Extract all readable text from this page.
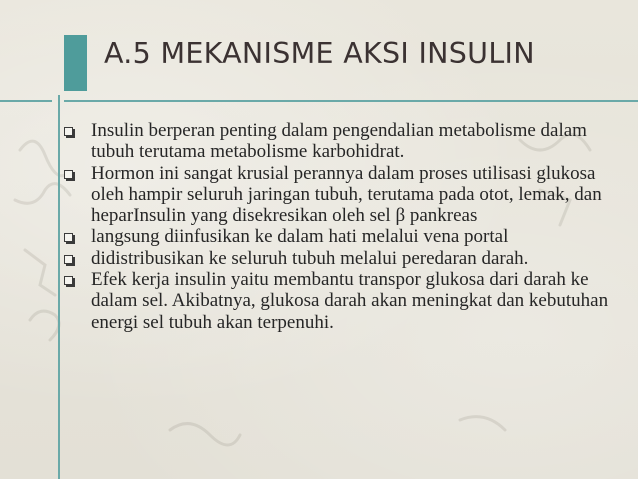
A.5 MEKANISME AKSI INSULIN
Insulin berperan penting dalam pengendalian metabolisme dalam tubuh terutama metabolisme karbohidrat.
Hormon ini sangat krusial perannya dalam proses utilisasi glukosa oleh hampir seluruh jaringan tubuh, terutama pada otot, lemak, dan heparInsulin yang disekresikan oleh sel β pankreas
langsung diinfusikan ke dalam hati melalui vena portal
didistribusikan ke seluruh tubuh melalui peredaran darah.
Efek kerja insulin yaitu membantu transpor glukosa dari darah ke dalam sel. Akibatnya, glukosa darah akan meningkat dan kebutuhan energi sel tubuh akan terpenuhi.
